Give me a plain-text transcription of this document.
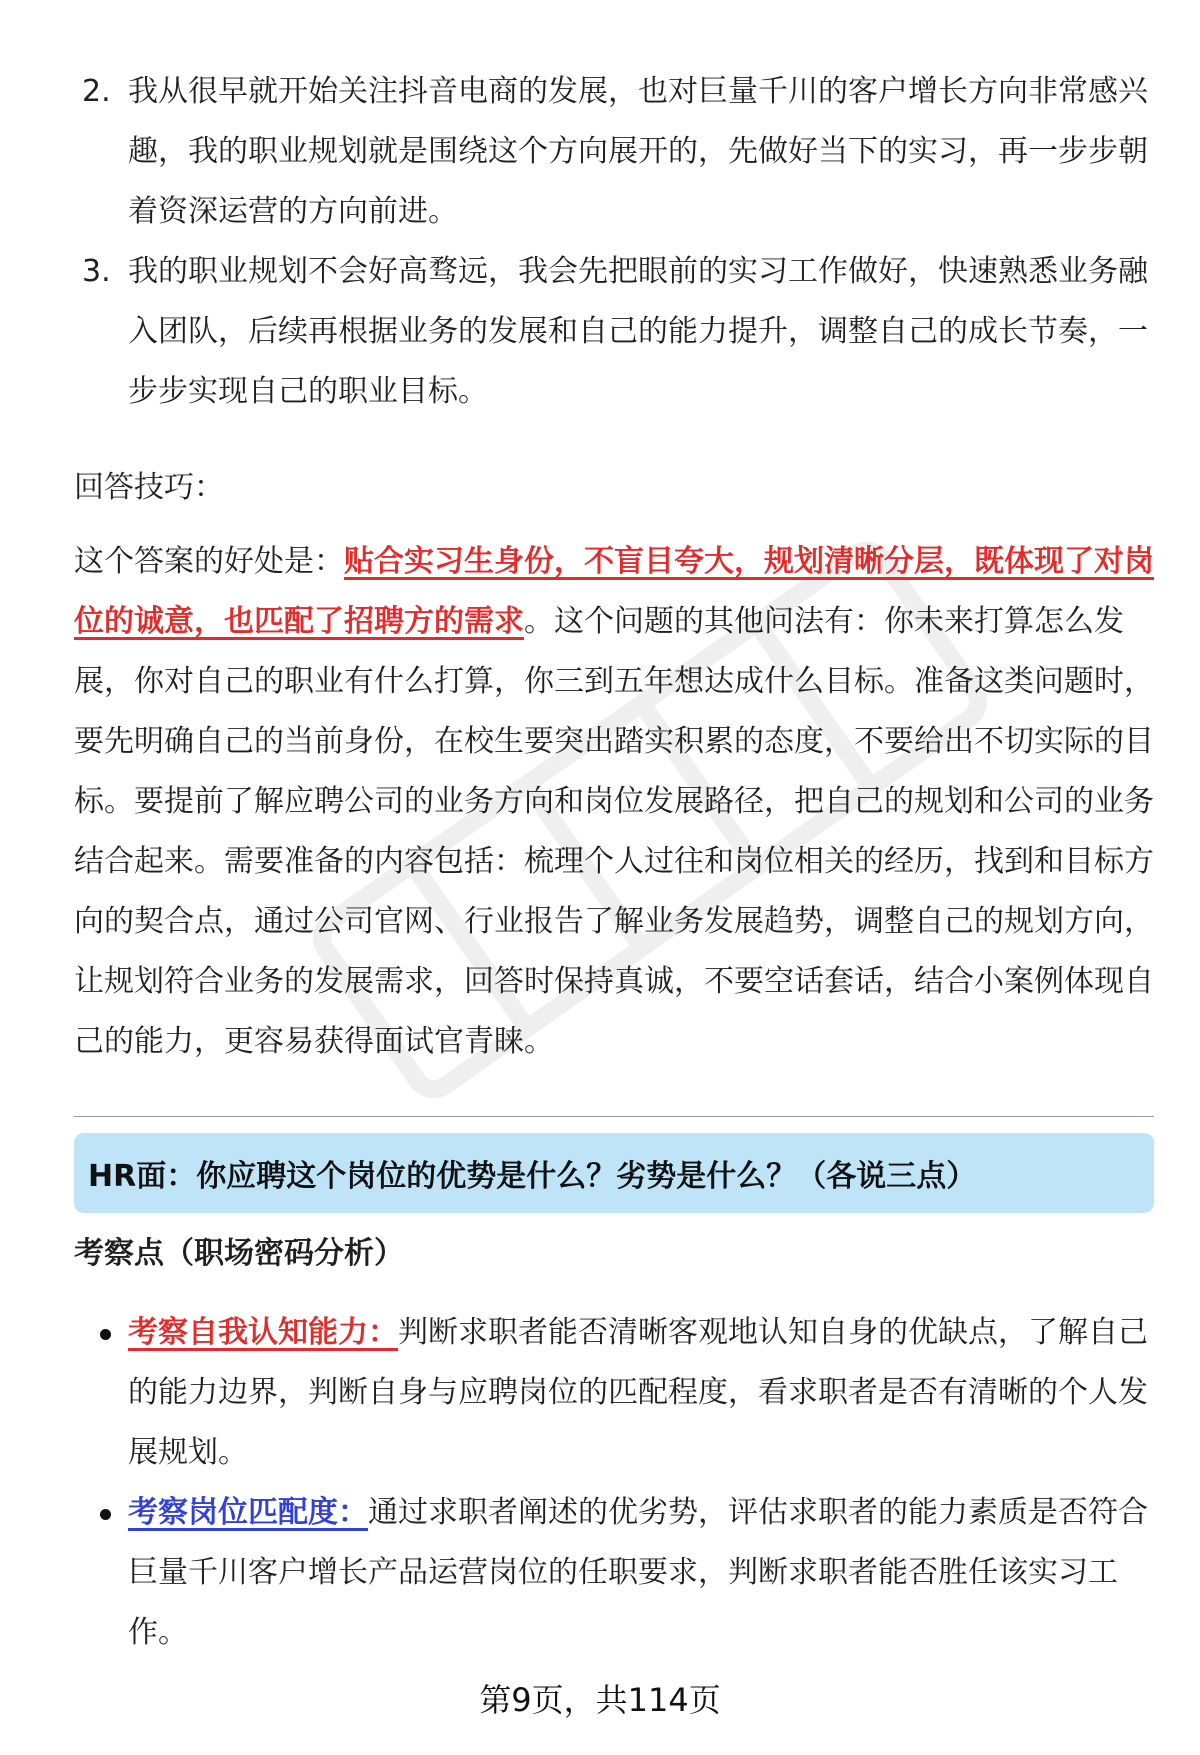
2. 我从很早就开始关注抖音电商的发展，也对巨量千川的客户增长方向非常感兴趣，我的职业规划就是围绕这个方向展开的，先做好当下的实习，再一步步朝着资深运营的方向前进。
3. 我的职业规划不会好高骛远，我会先把眼前的实习工作做好，快速熟悉业务融入团队，后续再根据业务的发展和自己的能力提升，调整自己的成长节奏，一步步实现自己的职业目标。

回答技巧：

这个答案的好处是：贴合实习生身份，不盲目夸大，规划清晰分层，既体现了对岗位的诚意，也匹配了招聘方的需求。这个问题的其他问法有：你未来打算怎么发展，你对自己的职业有什么打算，你三到五年想达成什么目标。准备这类问题时，要先明确自己的当前身份，在校生要突出踏实积累的态度，不要给出不切实际的目标。要提前了解应聘公司的业务方向和岗位发展路径，把自己的规划和公司的业务结合起来。需要准备的内容包括：梳理个人过往和岗位相关的经历，找到和目标方向的契合点，通过公司官网、行业报告了解业务发展趋势，调整自己的规划方向，让规划符合业务的发展需求，回答时保持真诚，不要空话套话，结合小案例体现自己的能力，更容易获得面试官青睐。

HR面：你应聘这个岗位的优势是什么？劣势是什么？（各说三点）
考察点（职场密码分析）
考察自我认知能力：判断求职者能否清晰客观地认知自身的优缺点，了解自己的能力边界，判断自身与应聘岗位的匹配程度，看求职者是否有清晰的个人发展规划。
考察岗位匹配度：通过求职者阐述的优劣势，评估求职者的能力素质是否符合巨量千川客户增长产品运营岗位的任职要求，判断求职者能否胜任该实习工作。
第9页，共114页
